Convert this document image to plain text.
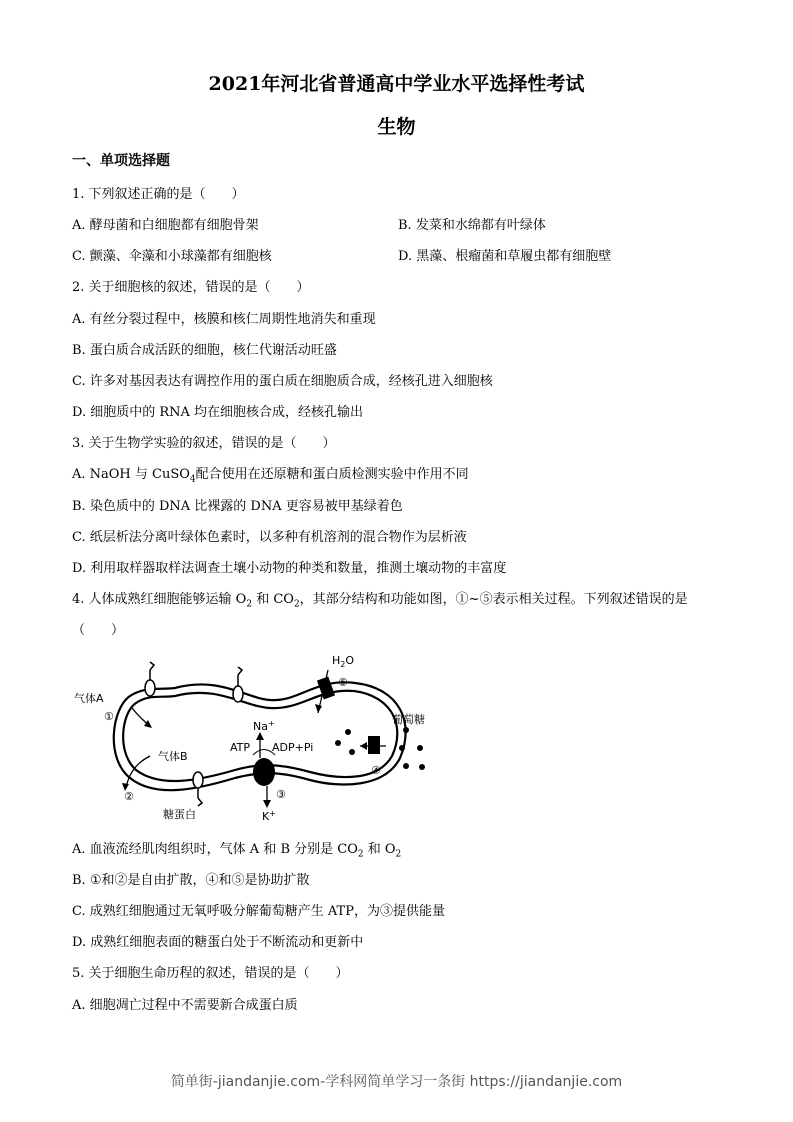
2021年河北省普通高中学业水平选择性考试
生物
一、单项选择题
1. 下列叙述正确的是（　　）
A. 酵母菌和白细胞都有细胞骨架	B. 发菜和水绵都有叶绿体
C. 颤藻、伞藻和小球藻都有细胞核	D. 黑藻、根瘤菌和草履虫都有细胞壁
2. 关于细胞核的叙述，错误的是（　　）
A. 有丝分裂过程中，核膜和核仁周期性地消失和重现
B. 蛋白质合成活跃的细胞，核仁代谢活动旺盛
C. 许多对基因表达有调控作用的蛋白质在细胞质合成，经核孔进入细胞核
D. 细胞质中的 RNA 均在细胞核合成，经核孔输出
3. 关于生物学实验的叙述，错误的是（　　）
A. NaOH 与 CuSO$_4$配合使用在还原糖和蛋白质检测实验中作用不同
B. 染色质中的 DNA 比裸露的 DNA 更容易被甲基绿着色
C. 纸层析法分离叶绿体色素时，以多种有机溶剂的混合物作为层析液
D. 利用取样器取样法调查土壤小动物的种类和数量，推测土壤动物的丰富度
4. 人体成熟红细胞能够运输 $O_2$ 和 $CO_2$，其部分结构和功能如图，①~⑤表示相关过程。下列叙述错误的是
（　　）
气体A
气体B
糖蛋白
葡萄糖
$H_2O$
Na+
K+
ATP ADP+Pi
①
②	③
④
⑤
A. 血液流经肌肉组织时，气体 A 和 B 分别是 $CO_2$ 和 $O_2$
B. ①和②是自由扩散，④和⑤是协助扩散
C. 成熟红细胞通过无氧呼吸分解葡萄糖产生 ATP，为③提供能量
D. 成熟红细胞表面的糖蛋白处于不断流动和更新中
5. 关于细胞生命历程的叙述，错误的是（　　）
A. 细胞凋亡过程中不需要新合成蛋白质
简单街-jiandanjie.com-学科网简单学习一条街 https://jiandanjie.com
